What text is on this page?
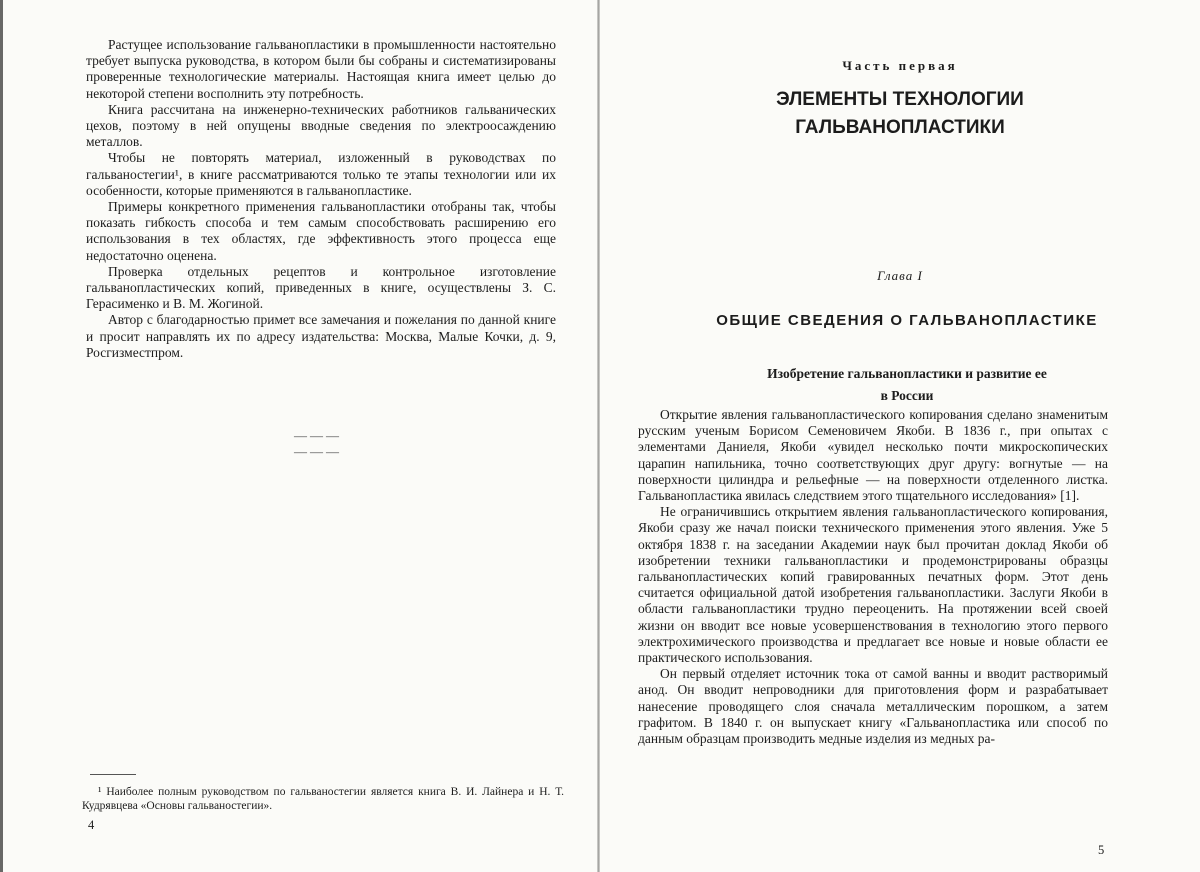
Растущее использование гальванопластики в промышленности настоятельно требует выпуска руководства, в котором были бы собраны и систематизированы проверенные технологические материалы. Настоящая книга имеет целью до некоторой степени восполнить эту потребность.

Книга рассчитана на инженерно-технических работников гальванических цехов, поэтому в ней опущены вводные сведения по электроосаждению металлов.

Чтобы не повторять материал, изложенный в руководствах по гальваностегии¹, в книге рассматриваются только те этапы технологии или их особенности, которые применяются в гальванопластике.

Примеры конкретного применения гальванопластики отобраны так, чтобы показать гибкость способа и тем самым способствовать расширению его использования в тех областях, где эффективность этого процесса еще недостаточно оценена.

Проверка отдельных рецептов и контрольное изготовление гальванопластических копий, приведенных в книге, осуществлены З. С. Герасименко и В. М. Жогиной.

Автор с благодарностью примет все замечания и пожелания по данной книге и просит направлять их по адресу издательства: Москва, Малые Кочки, д. 9, Росгизместпром.

——— ———
¹ Наиболее полным руководством по гальваностегии является книга В. И. Лайнера и Н. Т. Кудрявцева «Основы гальваностегии».
4
Часть первая
ЭЛЕМЕНТЫ ТЕХНОЛОГИИ
ГАЛЬВАНОПЛАСТИКИ
Глава I
ОБЩИЕ СВЕДЕНИЯ О ГАЛЬВАНОПЛАСТИКЕ
Изобретение гальванопластики и развитие ее
в России

Открытие явления гальванопластического копирования сделано знаменитым русским ученым Борисом Семеновичем Якоби. В 1836 г., при опытах с элементами Даниеля, Якоби «увидел несколько почти микроскопических царапин напильника, точно соответствующих друг другу: вогнутые — на поверхности цилиндра и рельефные — на поверхности отделенного листка. Гальванопластика явилась следствием этого тщательного исследования» [1].

Не ограничившись открытием явления гальванопластического копирования, Якоби сразу же начал поиски технического применения этого явления. Уже 5 октября 1838 г. на заседании Академии наук был прочитан доклад Якоби об изобретении техники гальванопластики и продемонстрированы образцы гальванопластических копий гравированных печатных форм. Этот день считается официальной датой изобретения гальванопластики. Заслуги Якоби в области гальванопластики трудно переоценить. На протяжении всей своей жизни он вводит все новые усовершенствования в технологию этого первого электрохимического производства и предлагает все новые и новые области ее практического использования.

Он первый отделяет источник тока от самой ванны и вводит растворимый анод. Он вводит непроводники для приготовления форм и разрабатывает нанесение проводящего слоя сначала металлическим порошком, а затем графитом. В 1840 г. он выпускает книгу «Гальванопластика или способ по данным образцам производить медные изделия из медных ра-

5
